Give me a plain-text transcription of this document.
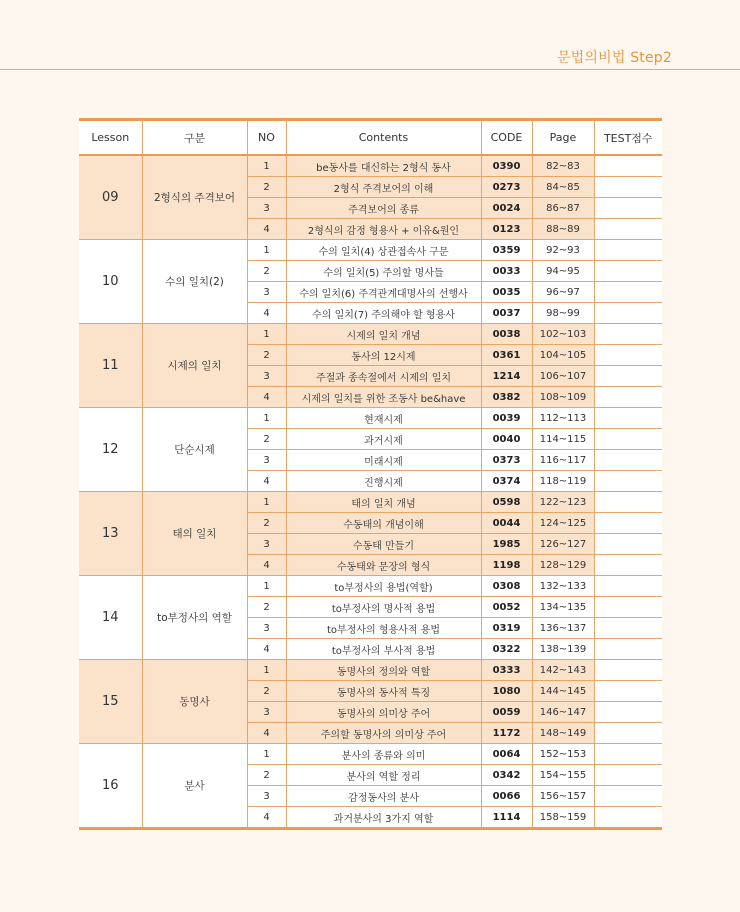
문법의비법 Step2
Lesson	구분	NO	Contents	CODE	Page	TEST점수
09	2형식의 주격보어	1	be동사를 대신하는 2형식 동사	0390	82~83	
		2	2형식 주격보어의 이해	0273	84~85	
		3	주격보어의 종류	0024	86~87	
		4	2형식의 감정 형용사 + 이유&원인	0123	88~89	
10	수의 일치(2)	1	수의 일치(4) 상관접속사 구문	0359	92~93	
		2	수의 일치(5) 주의할 명사들	0033	94~95	
		3	수의 일치(6) 주격관계대명사의 선행사	0035	96~97	
		4	수의 일치(7) 주의해야 할 형용사	0037	98~99	
11	시제의 일치	1	시제의 일치 개념	0038	102~103	
		2	동사의 12시제	0361	104~105	
		3	주절과 종속절에서 시제의 일치	1214	106~107	
		4	시제의 일치를 위한 조동사 be&have	0382	108~109	
12	단순시제	1	현재시제	0039	112~113	
		2	과거시제	0040	114~115	
		3	미래시제	0373	116~117	
		4	진행시제	0374	118~119	
13	태의 일치	1	태의 일치 개념	0598	122~123	
		2	수동태의 개념이해	0044	124~125	
		3	수동태 만들기	1985	126~127	
		4	수동태와 문장의 형식	1198	128~129	
14	to부정사의 역할	1	to부정사의 용법(역할)	0308	132~133	
		2	to부정사의 명사적 용법	0052	134~135	
		3	to부정사의 형용사적 용법	0319	136~137	
		4	to부정사의 부사적 용법	0322	138~139	
15	동명사	1	동명사의 정의와 역할	0333	142~143	
		2	동명사의 동사적 특징	1080	144~145	
		3	동명사의 의미상 주어	0059	146~147	
		4	주의할 동명사의 의미상 주어	1172	148~149	
16	분사	1	분사의 종류와 의미	0064	152~153	
		2	분사의 역할 정리	0342	154~155	
		3	감정동사의 분사	0066	156~157	
		4	과거분사의 3가지 역할	1114	158~159	
